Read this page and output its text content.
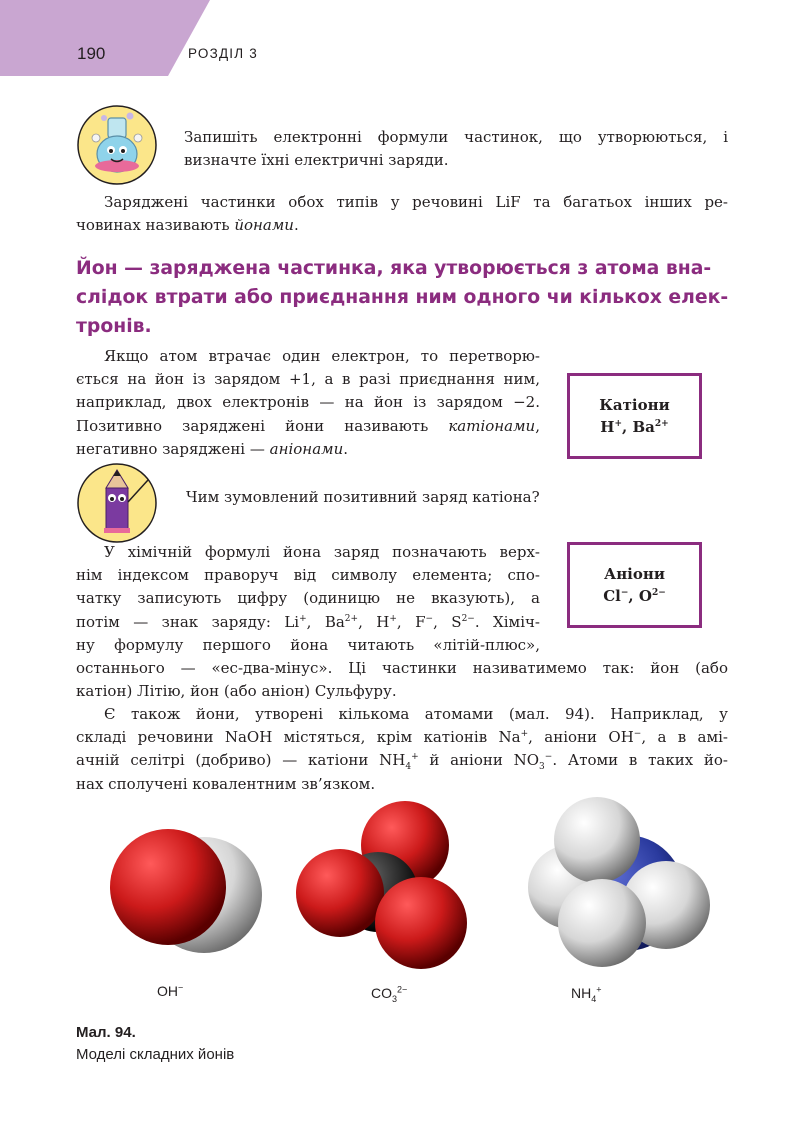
190	РОЗДІЛ 3
Запишіть електронні формули частинок, що утворюються, і
визначте їхні електричні заряди.
Заряджені частинки обох типів у речовині LiF та багатьох інших ре-
човинах називають йонами.
Йон — заряджена частинка, яка утворюється з атома вна-
слідок втрати або приєднання ним одного чи кількох елек-
тронів.
Якщо атом втрачає один електрон, то перетворю-
ється на йон із зарядом +1, а в разі приєднання ним,
наприклад, двох електронів — на йон із зарядом −2.
Позитивно заряджені йони називають катіонами,
негативно заряджені — аніонами.
Катіони
H+, $Ba^{2+}$
Чим зумовлений позитивний заряд катіона?
Аніони
Cl−, $O^{2-}$
У хімічній формулі йона заряд позначають верх-
нім індексом праворуч від символу елемента; спо-
чатку записують цифру (одиницю не вказують), а
потім — знак заряду: Li+, $Ba^{2+}$, H+, F−, $S^{2-}$. Хіміч-
ну формулу першого йона читають «літій-плюс»,
останнього — «ес-два-мінус». Ці частинки називатимемо так: йон (або
катіон) Літію, йон (або аніон) Сульфуру.
Є також йони, утворені кількома атомами (мал. 94). Наприклад, у
складі речовини NaOH містяться, крім катіонів Na+, аніони OH−, а в амі-
ачній селітрі (добриво) — катіони $NH_4^+$ й аніони $NO_3^-$. Атоми в таких йо-
нах сполучені ковалентним зв’язком.
OH−	$CO_3^{2-}$	$NH_4^+$
Мал. 94.
Моделі складних йонів
